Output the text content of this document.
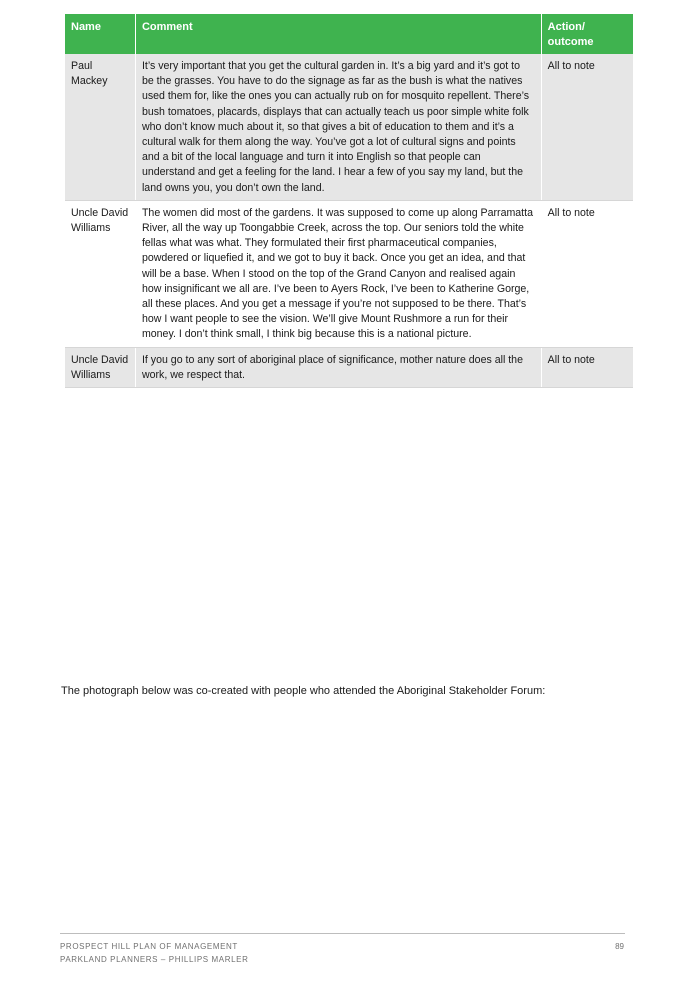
Name	Comment	Action/ outcome
Paul Mackey	It’s very important that you get the cultural garden in. It’s a big yard and it’s got to be the grasses. You have to do the signage as far as the bush is what the natives used them for, like the ones you can actually rub on for mosquito repellent. There’s bush tomatoes, placards, displays that can actually teach us poor simple white folk who don’t know much about it, so that gives a bit of education to them and it’s a cultural walk for them along the way. You’ve got a lot of cultural signs and points and a bit of the local language and turn it into English so that people can understand and get a feeling for the land. I hear a few of you say my land, but the land owns you, you don’t own the land.	All to note
Uncle David Williams	The women did most of the gardens. It was supposed to come up along Parramatta River, all the way up Toongabbie Creek, across the top. Our seniors told the white fellas what was what. They formulated their first pharmaceutical companies, powdered or liquefied it, and we got to buy it back. Once you get an idea, and that will be a base. When I stood on the top of the Grand Canyon and realised again how insignificant we all are. I’ve been to Ayers Rock, I’ve been to Katherine Gorge, all these places. And you get a message if you’re not supposed to be there. That’s how I want people to see the vision. We’ll give Mount Rushmore a run for their money. I don’t think small, I think big because this is a national picture.	All to note
Uncle David Williams	If you go to any sort of aboriginal place of significance, mother nature does all the work, we respect that.	All to note

The photograph below was co-created with people who attended the Aboriginal Stakeholder Forum:

PROSPECT HILL PLAN OF MANAGEMENT

PARKLAND PLANNERS – PHILLIPS MARLER

89
